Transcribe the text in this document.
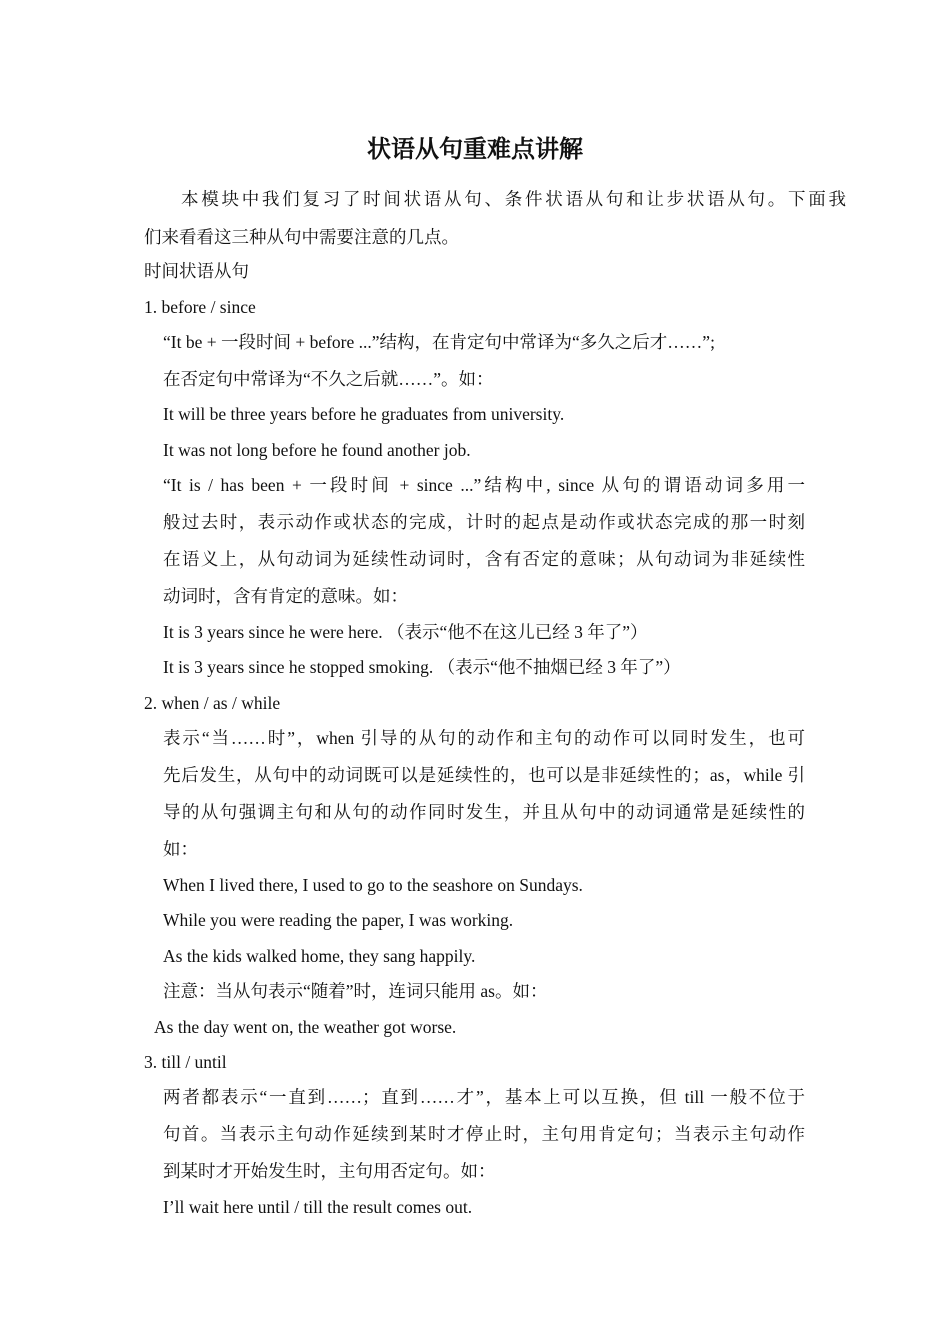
状语从句重难点讲解

本模块中我们复习了时间状语从句、条件状语从句和让步状语从句。下面我

们来看看这三种从句中需要注意的几点。

时间状语从句

1. before / since

“It be + 一段时间 + before ...”结构，在肯定句中常译为“多久之后才……”;

在否定句中常译为“不久之后就……”。如：

It will be three years before he graduates from university.

It was not long before he found another job.

“It is / has been + 一段时间 + since ...”结构中, since 从句的谓语动词多用一

般过去时，表示动作或状态的完成，计时的起点是动作或状态完成的那一时刻

在语义上，从句动词为延续性动词时，含有否定的意味；从句动词为非延续性

动词时，含有肯定的意味。如：

It is 3 years since he were here. （表示“他不在这儿已经 3 年了”）

It is 3 years since he stopped smoking. （表示“他不抽烟已经 3 年了”）

2. when / as / while

表示“当……时”，when 引导的从句的动作和主句的动作可以同时发生，也可

先后发生，从句中的动词既可以是延续性的，也可以是非延续性的；as，while 引

导的从句强调主句和从句的动作同时发生，并且从句中的动词通常是延续性的

如：

When I lived there, I used to go to the seashore on Sundays.

While you were reading the paper, I was working.

As the kids walked home, they sang happily.

注意：当从句表示“随着”时，连词只能用 as。如：

As the day went on, the weather got worse.

3. till / until

两者都表示“一直到……；直到……才”，基本上可以互换，但 till 一般不位于

句首。当表示主句动作延续到某时才停止时，主句用肯定句；当表示主句动作

到某时才开始发生时，主句用否定句。如：

I’ll wait here until / till the result comes out.
